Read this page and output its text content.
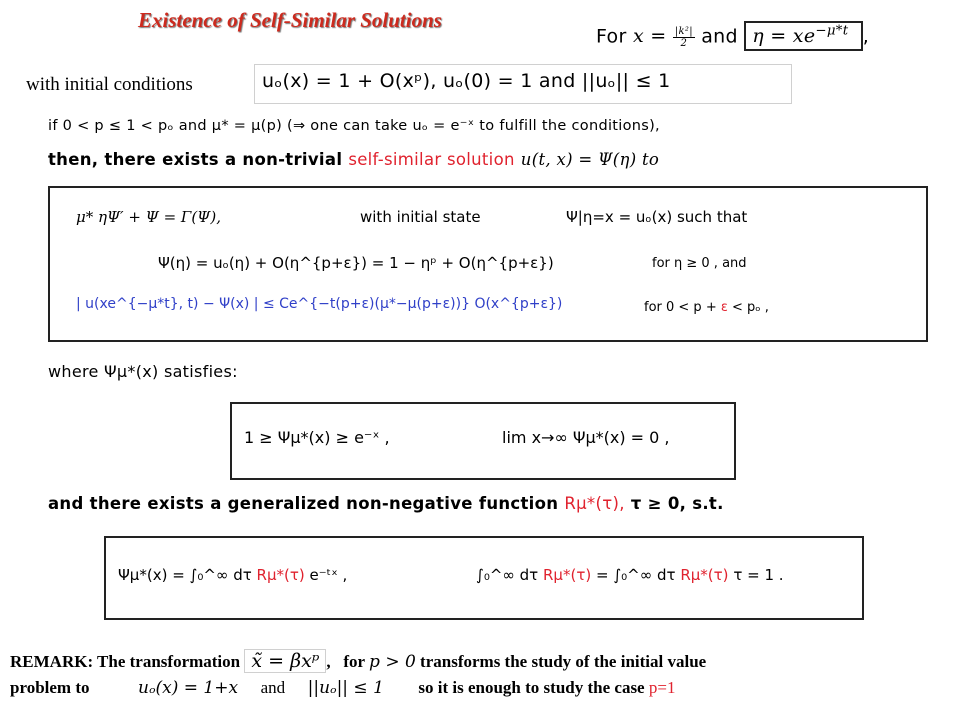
Existence of Self-Similar Solutions
For $x = \frac{\text{|k²|}}{2}$ and $\eta = xe^{-\mu*t}$ ,
with initial conditions	uₒ(x) = 1 + O(xᵖ), uₒ(0) = 1 and ||uₒ|| ≤ 1
if 0 < p ≤ 1 < pₒ and μ* = μ(p) (⇒ one can take uₒ = e⁻ˣ to fulfill the conditions),
then, there exists a non-trivial self-similar solution u(t, x) = Ψ(η) to
μ* ηΨ′ + Ψ = Γ(Ψ),	with initial state	Ψ|η=x = uₒ(x) such that
Ψ(η) = uₒ(η) + O(η^{p+ε}) = 1 − ηᵖ + O(η^{p+ε})	for η ≥ 0 , and
| u(xe^{−μ*t}, t) − Ψ(x) | ≤ Ce^{−t(p+ε)(μ*−μ(p+ε))} O(x^{p+ε})	for 0 < p + ε < pₒ ,
where Ψμ*(x) satisfies:
1 ≥ Ψμ*(x) ≥ e⁻ˣ ,	lim x→∞ Ψμ*(x) = 0 ,
and there exists a generalized non-negative function Rμ*(τ), τ ≥ 0, s.t.
Ψμ*(x) = ∫₀^∞ dτ Rμ*(τ) e⁻ᵗˣ ,	∫₀^∞ dτ Rμ*(τ) = ∫₀^∞ dτ Rμ*(τ) τ = 1 .
REMARK: The transformation x̃ = βxᵖ , for p > 0 transforms the study of the initial value
problem to	uₒ(x) = 1+x and ||uₒ|| ≤ 1 so it is enough to study the case p=1
